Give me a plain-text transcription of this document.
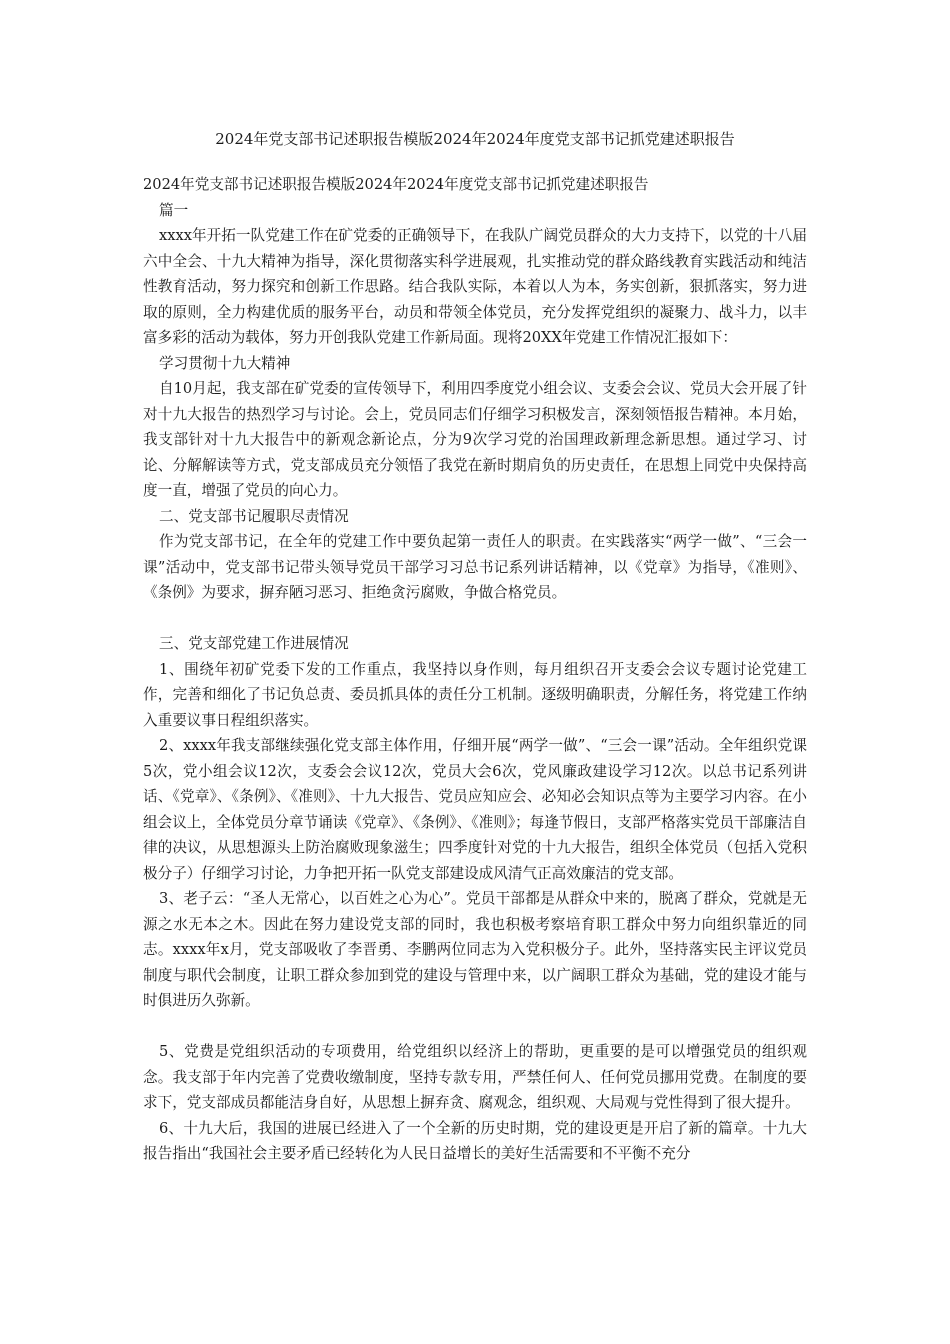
2024年党支部书记述职报告模版2024年2024年度党支部书记抓党建述职报告

2024年党支部书记述职报告模版2024年2024年度党支部书记抓党建述职报告

篇一

xxxx年开拓一队党建工作在矿党委的正确领导下，在我队广阔党员群众的大力支持下，以党的十八届六中全会、十九大精神为指导，深化贯彻落实科学进展观，扎实推动党的群众路线教育实践活动和纯洁性教育活动，努力探究和创新工作思路。结合我队实际，本着以人为本，务实创新，狠抓落实，努力进取的原则，全力构建优质的服务平台，动员和带领全体党员，充分发挥党组织的凝聚力、战斗力，以丰富多彩的活动为载体，努力开创我队党建工作新局面。现将20XX年党建工作情况汇报如下：

学习贯彻十九大精神

自10月起，我支部在矿党委的宣传领导下，利用四季度党小组会议、支委会会议、党员大会开展了针对十九大报告的热烈学习与讨论。会上，党员同志们仔细学习积极发言，深刻领悟报告精神。本月始，我支部针对十九大报告中的新观念新论点，分为9次学习党的治国理政新理念新思想。通过学习、讨论、分解解读等方式，党支部成员充分领悟了我党在新时期肩负的历史责任，在思想上同党中央保持高度一直，增强了党员的向心力。

二、党支部书记履职尽责情况

作为党支部书记，在全年的党建工作中要负起第一责任人的职责。在实践落实“两学一做”、“三会一课”活动中，党支部书记带头领导党员干部学习习总书记系列讲话精神，以《党章》为指导，《准则》、《条例》为要求，摒弃陋习恶习、拒绝贪污腐败，争做合格党员。

三、党支部党建工作进展情况

1、围绕年初矿党委下发的工作重点，我坚持以身作则，每月组织召开支委会会议专题讨论党建工作，完善和细化了书记负总责、委员抓具体的责任分工机制。逐级明确职责，分解任务，将党建工作纳入重要议事日程组织落实。

2、xxxx年我支部继续强化党支部主体作用，仔细开展“两学一做”、“三会一课”活动。全年组织党课5次，党小组会议12次，支委会会议12次，党员大会6次，党风廉政建设学习12次。以总书记系列讲话、《党章》、《条例》、《准则》、十九大报告、党员应知应会、必知必会知识点等为主要学习内容。在小组会议上，全体党员分章节诵读《党章》、《条例》、《准则》；每逢节假日，支部严格落实党员干部廉洁自律的决议，从思想源头上防治腐败现象滋生；四季度针对党的十九大报告，组织全体党员（包括入党积极分子）仔细学习讨论，力争把开拓一队党支部建设成风清气正高效廉洁的党支部。

3、老子云：“圣人无常心，以百姓之心为心”。党员干部都是从群众中来的，脱离了群众，党就是无源之水无本之木。因此在努力建设党支部的同时，我也积极考察培育职工群众中努力向组织靠近的同志。xxxx年x月，党支部吸收了李晋勇、李鹏两位同志为入党积极分子。此外，坚持落实民主评议党员制度与职代会制度，让职工群众参加到党的建设与管理中来，以广阔职工群众为基础，党的建设才能与时俱进历久弥新。

5、党费是党组织活动的专项费用，给党组织以经济上的帮助，更重要的是可以增强党员的组织观念。我支部于年内完善了党费收缴制度，坚持专款专用，严禁任何人、任何党员挪用党费。在制度的要求下，党支部成员都能洁身自好，从思想上摒弃贪、腐观念，组织观、大局观与党性得到了很大提升。

6、十九大后，我国的进展已经进入了一个全新的历史时期，党的建设更是开启了新的篇章。十九大报告指出“我国社会主要矛盾已经转化为人民日益增长的美好生活需要和不平衡不充分
